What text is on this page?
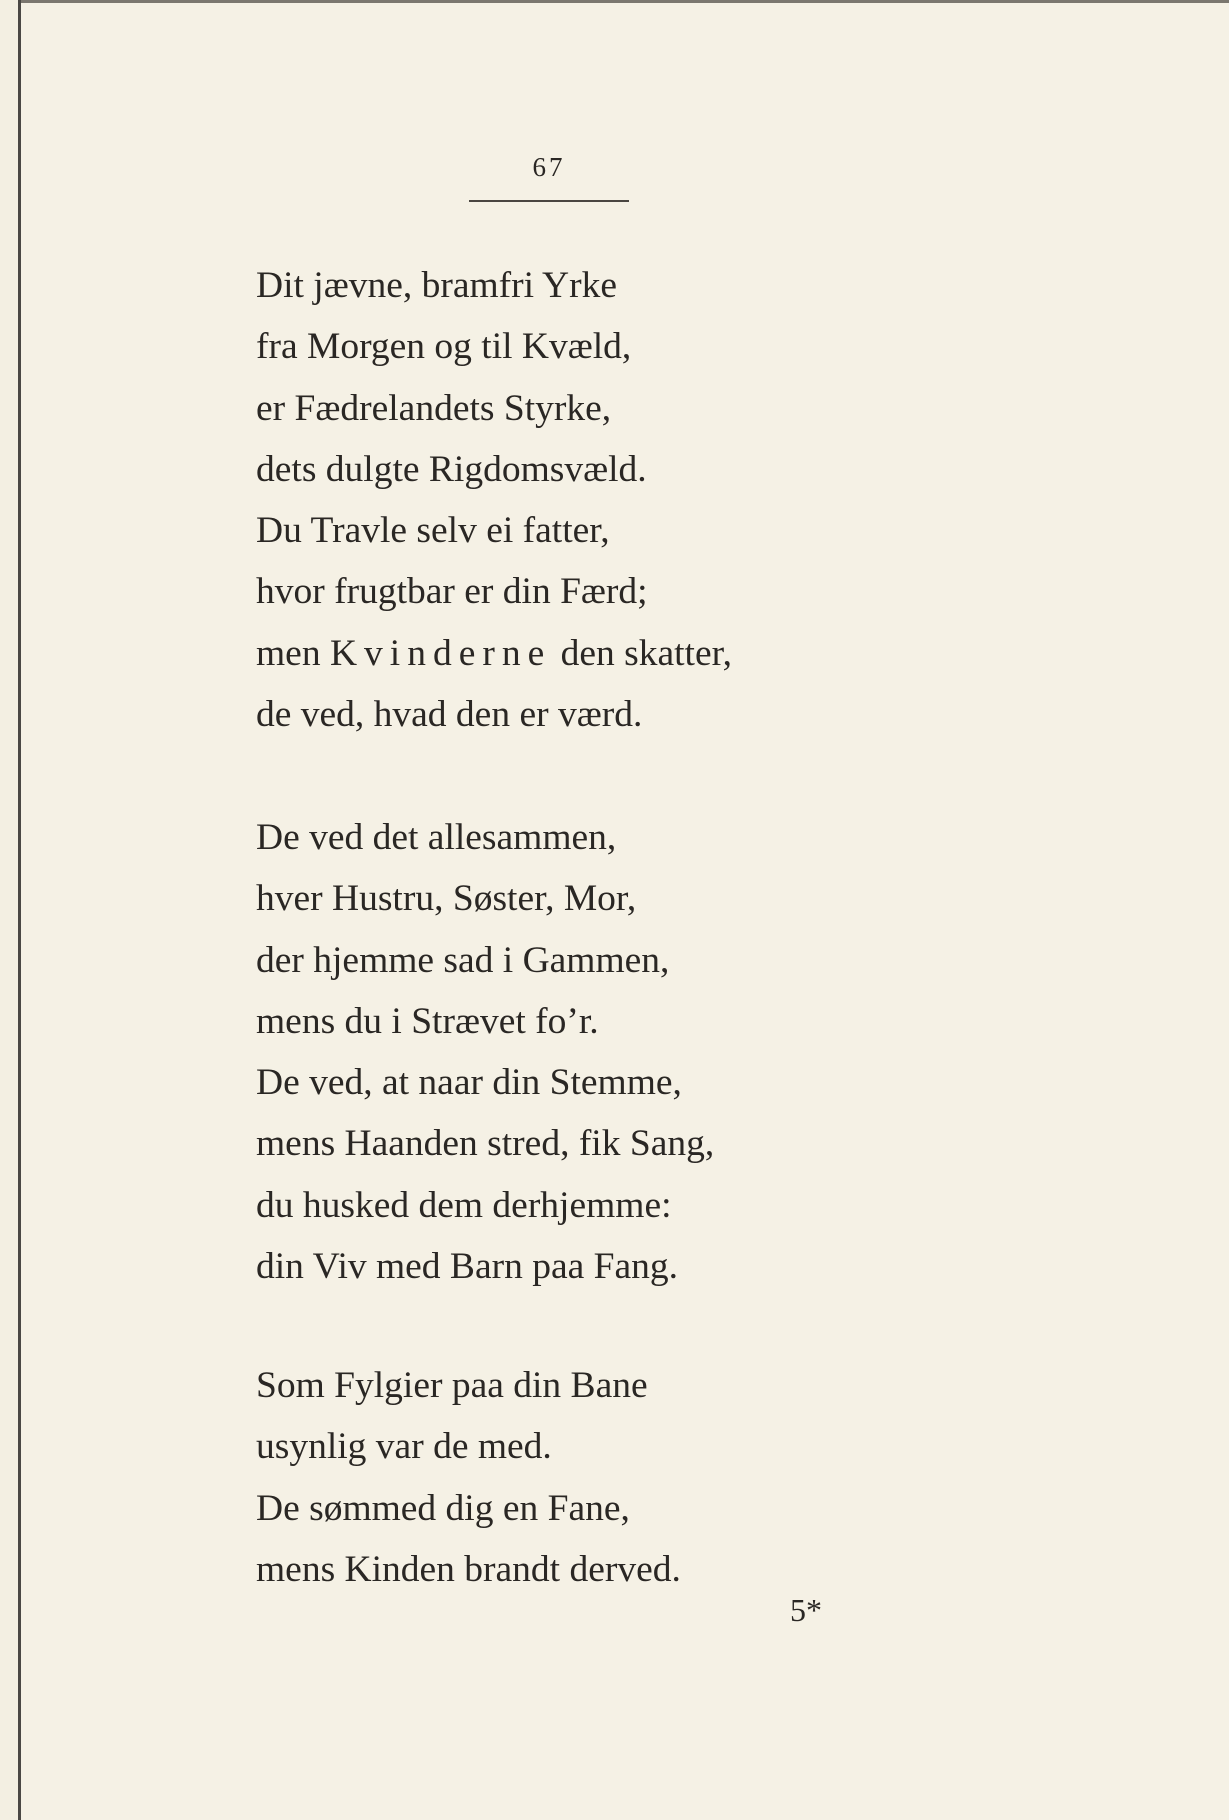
67
Dit jævne, bramfri Yrke
fra Morgen og til Kvæld,
er Fædrelandets Styrke,
dets dulgte Rigdomsvæld.
Du Travle selv ei fatter,
hvor frugtbar er din Færd;
men Kvinderne den skatter,
de ved, hvad den er værd.
De ved det allesammen,
hver Hustru, Søster, Mor,
der hjemme sad i Gammen,
mens du i Strævet fo’r.
De ved, at naar din Stemme,
mens Haanden stred, fik Sang,
du husked dem derhjemme:
din Viv med Barn paa Fang.
Som Fylgier paa din Bane
usynlig var de med.
De sømmed dig en Fane,
mens Kinden brandt derved.
5*
